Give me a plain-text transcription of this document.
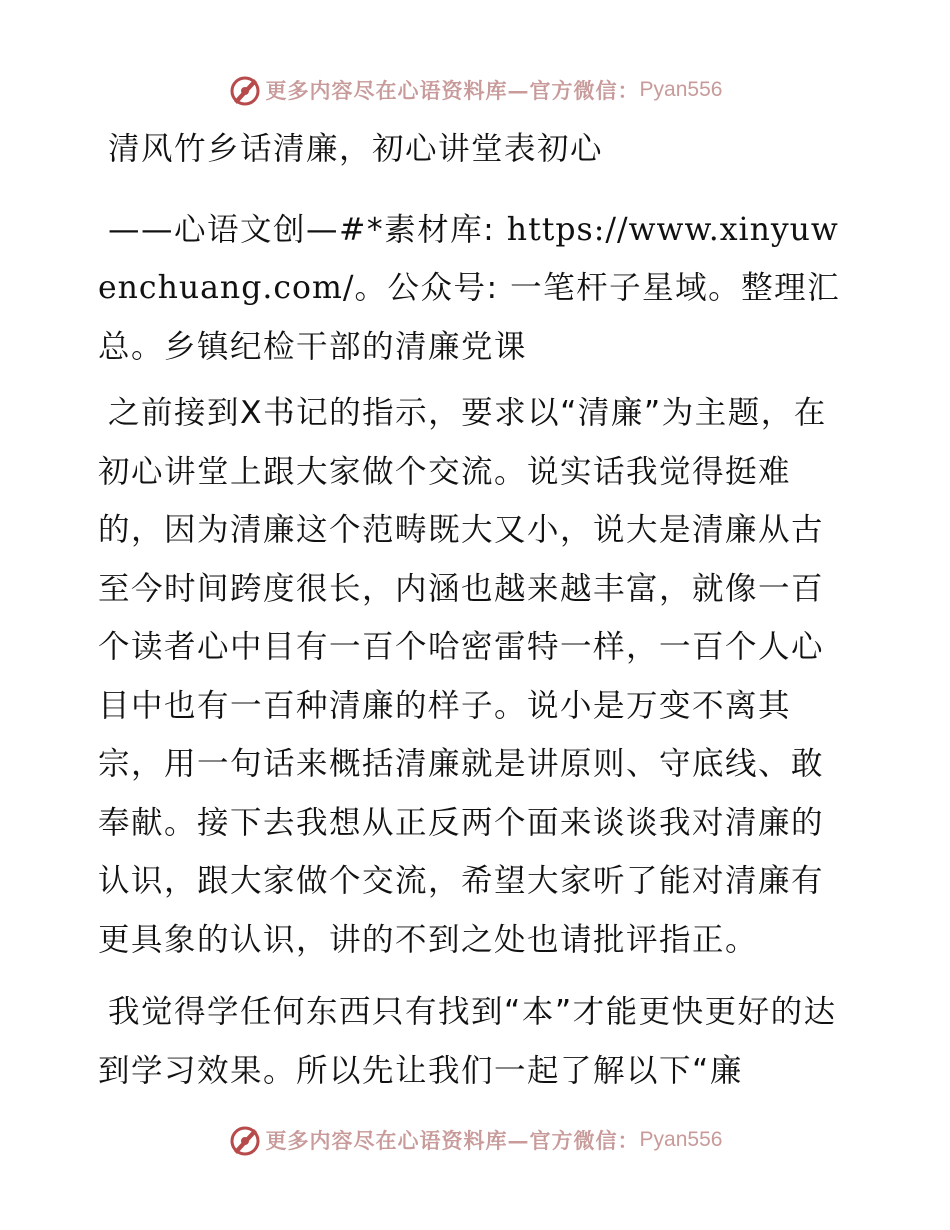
更多内容尽在心语资料库—官方微信： Pyan556

清风竹乡话清廉，初心讲堂表初心

——心语文创—#*素材库: https://www.xinyuwenchuang.com/。公众号: 一笔杆子星域。整理汇总。乡镇纪检干部的清廉党课

之前接到X书记的指示，要求以“清廉”为主题，在初心讲堂上跟大家做个交流。说实话我觉得挺难的，因为清廉这个范畴既大又小，说大是清廉从古至今时间跨度很长，内涵也越来越丰富，就像一百个读者心中目有一百个哈密雷特一样，一百个人心目中也有一百种清廉的样子。说小是万变不离其宗，用一句话来概括清廉就是讲原则、守底线、敢奉献。接下去我想从正反两个面来谈谈我对清廉的认识，跟大家做个交流，希望大家听了能对清廉有更具象的认识，讲的不到之处也请批评指正。

我觉得学任何东西只有找到“本”才能更快更好的达到学习效果。所以先让我们一起了解以下“廉

更多内容尽在心语资料库—官方微信： Pyan556
